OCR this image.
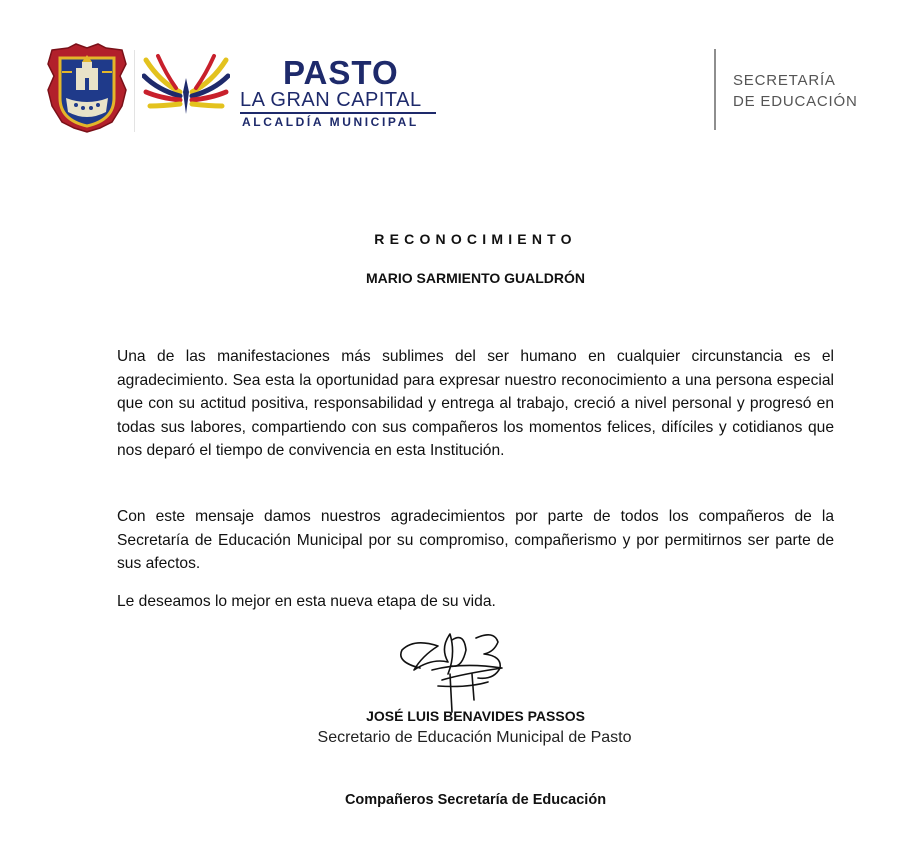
PASTO
LA GRAN CAPITAL
ALCALDÍA MUNICIPAL
SECRETARÍA
DE EDUCACIÓN
RECONOCIMIENTO
MARIO SARMIENTO GUALDRÓN
Una de las manifestaciones más sublimes del ser humano en cualquier circunstancia es el agradecimiento. Sea esta la oportunidad para expresar nuestro reconocimiento a una persona especial que con su actitud positiva, responsabilidad y entrega al trabajo, creció a nivel personal y progresó en todas sus labores, compartiendo con sus compañeros los momentos felices, difíciles y cotidianos que nos deparó el tiempo de convivencia en esta Institución.
Con este mensaje damos nuestros agradecimientos por parte de todos los compañeros de la Secretaría de Educación Municipal por su compromiso, compañerismo y por permitirnos ser parte de sus afectos.
Le deseamos lo mejor en esta nueva etapa de su vida.
JOSÉ LUIS BENAVIDES PASSOS
Secretario de Educación Municipal de Pasto
Compañeros Secretaría de Educación
